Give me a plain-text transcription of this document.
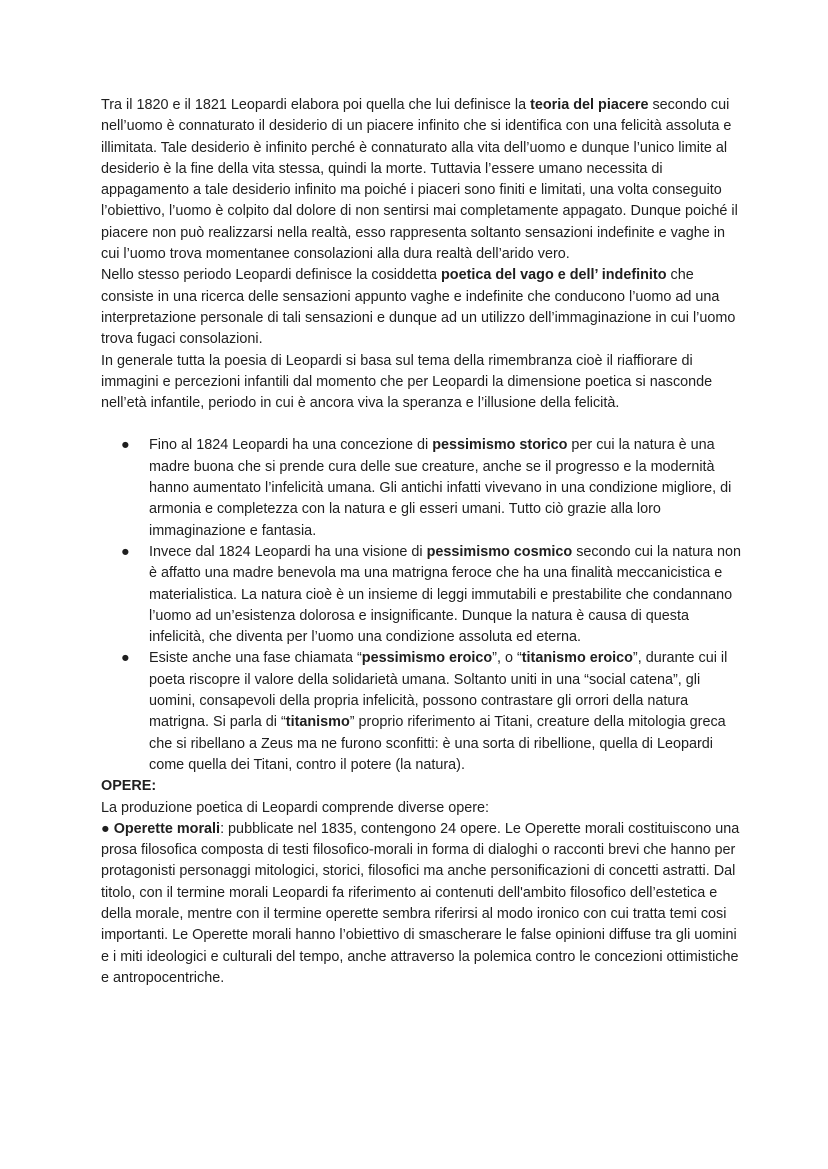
Tra il 1820 e il 1821 Leopardi elabora poi quella che lui definisce la teoria del piacere secondo cui nell’uomo è connaturato il desiderio di un piacere infinito che si identifica con una felicità assoluta e illimitata. Tale desiderio è infinito perché è connaturato alla vita dell’uomo e dunque l’unico limite al desiderio è la fine della vita stessa, quindi la morte. Tuttavia l’essere umano necessita di appagamento a tale desiderio infinito ma poiché i piaceri sono finiti e limitati, una volta conseguito l’obiettivo, l’uomo è colpito dal dolore di non sentirsi mai completamente appagato. Dunque poiché il piacere non può realizzarsi nella realtà, esso rappresenta soltanto sensazioni indefinite e vaghe in cui l’uomo trova momentanee consolazioni alla dura realtà dell’arido vero.

Nello stesso periodo Leopardi definisce la cosiddetta poetica del vago e dell’ indefinito che consiste in una ricerca delle sensazioni appunto vaghe e indefinite che conducono l’uomo ad una interpretazione personale di tali sensazioni e dunque ad un utilizzo dell’immaginazione in cui l’uomo trova fugaci consolazioni.

In generale tutta la poesia di Leopardi si basa sul tema della rimembranza cioè il riaffiorare di immagini e percezioni infantili dal momento che per Leopardi la dimensione poetica si nasconde nell’età infantile, periodo in cui è ancora viva la speranza e l’illusione della felicità.

● Fino al 1824 Leopardi ha una concezione di pessimismo storico per cui la natura è una madre buona che si prende cura delle sue creature, anche se il progresso e la modernità hanno aumentato l’infelicità umana. Gli antichi infatti vivevano in una condizione migliore, di armonia e completezza con la natura e gli esseri umani. Tutto ciò grazie alla loro immaginazione e fantasia.
● Invece dal 1824 Leopardi ha una visione di pessimismo cosmico secondo cui la natura non è affatto una madre benevola ma una matrigna feroce che ha una finalità meccanicistica e materialistica. La natura cioè è un insieme di leggi immutabili e prestabilite che condannano l’uomo ad un’esistenza dolorosa e insignificante. Dunque la natura è causa di questa infelicità, che diventa per l’uomo una condizione assoluta ed eterna.
● Esiste anche una fase chiamata “pessimismo eroico”, o “titanismo eroico”, durante cui il poeta riscopre il valore della solidarietà umana. Soltanto uniti in una “social catena”, gli uomini, consapevoli della propria infelicità, possono contrastare gli orrori della natura matrigna. Si parla di “titanismo” proprio riferimento ai Titani, creature della mitologia greca che si ribellano a Zeus ma ne furono sconfitti: è una sorta di ribellione, quella di Leopardi come quella dei Titani, contro il potere (la natura).

OPERE:

La produzione poetica di Leopardi comprende diverse opere:

● Operette morali: pubblicate nel 1835, contengono 24 opere. Le Operette morali costituiscono una prosa filosofica composta di testi filosofico-morali in forma di dialoghi o racconti brevi che hanno per protagonisti personaggi mitologici, storici, filosofici ma anche personificazioni di concetti astratti. Dal titolo, con il termine morali Leopardi fa riferimento ai contenuti dell'ambito filosofico dell’estetica e della morale, mentre con il termine operette sembra riferirsi al modo ironico con cui tratta temi cosi importanti. Le Operette morali hanno l’obiettivo di smascherare le false opinioni diffuse tra gli uomini e i miti ideologici e culturali del tempo, anche attraverso la polemica contro le concezioni ottimistiche e antropocentriche.
